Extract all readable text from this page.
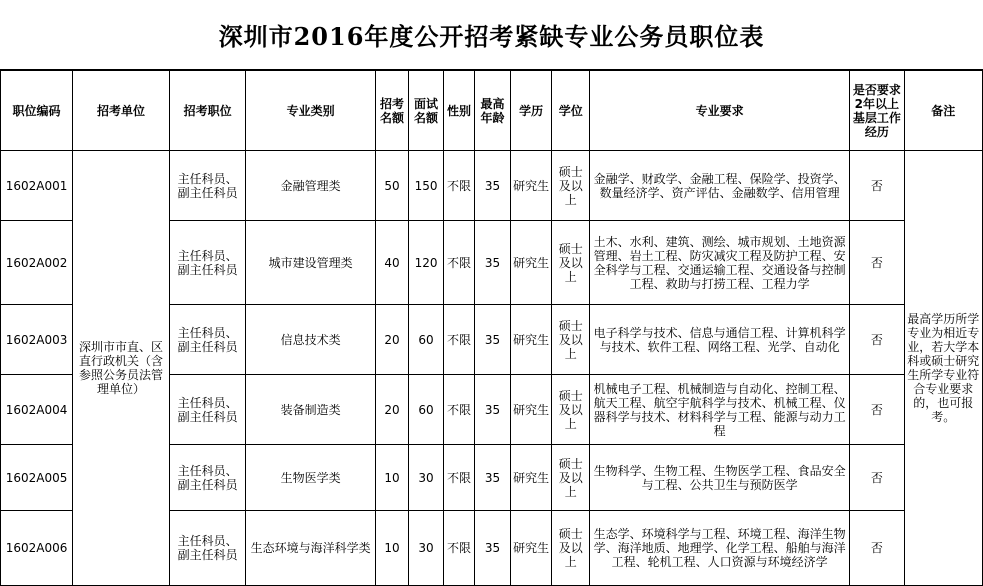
深圳市2016年度公开招考紧缺专业公务员职位表
职位编码	招考单位	招考职位	专业类别	招考名额	面试名额	性别	最高年龄	学历	学位	专业要求	是否要求2年以上基层工作经历	备注
1602A001	深圳市市直、区直行政机关（含参照公务员法管理单位）	主任科员、副主任科员	金融管理类	50	150	不限	35	研究生	硕士及以上	金融学、财政学、金融工程、保险学、投资学、数量经济学、资产评估、金融数学、信用管理	否	最高学历所学专业为相近专业，若大学本科或硕士研究生所学专业符合专业要求的，也可报考。
1602A002		主任科员、副主任科员	城市建设管理类	40	120	不限	35	研究生	硕士及以上	土木、水利、建筑、测绘、城市规划、土地资源管理、岩土工程、防灾减灾工程及防护工程、安全科学与工程、交通运输工程、交通设备与控制工程、救助与打捞工程、工程力学	否	
1602A003		主任科员、副主任科员	信息技术类	20	60	不限	35	研究生	硕士及以上	电子科学与技术、信息与通信工程、计算机科学与技术、软件工程、网络工程、光学、自动化	否	
1602A004		主任科员、副主任科员	装备制造类	20	60	不限	35	研究生	硕士及以上	机械电子工程、机械制造与自动化、控制工程、航天工程、航空宇航科学与技术、机械工程、仪器科学与技术、材料科学与工程、能源与动力工程	否	
1602A005		主任科员、副主任科员	生物医学类	10	30	不限	35	研究生	硕士及以上	生物科学、生物工程、生物医学工程、食品安全与工程、公共卫生与预防医学	否	
1602A006		主任科员、副主任科员	生态环境与海洋科学类	10	30	不限	35	研究生	硕士及以上	生态学、环境科学与工程、环境工程、海洋生物学、海洋地质、地理学、化学工程、船舶与海洋工程、轮机工程、人口资源与环境经济学	否	
